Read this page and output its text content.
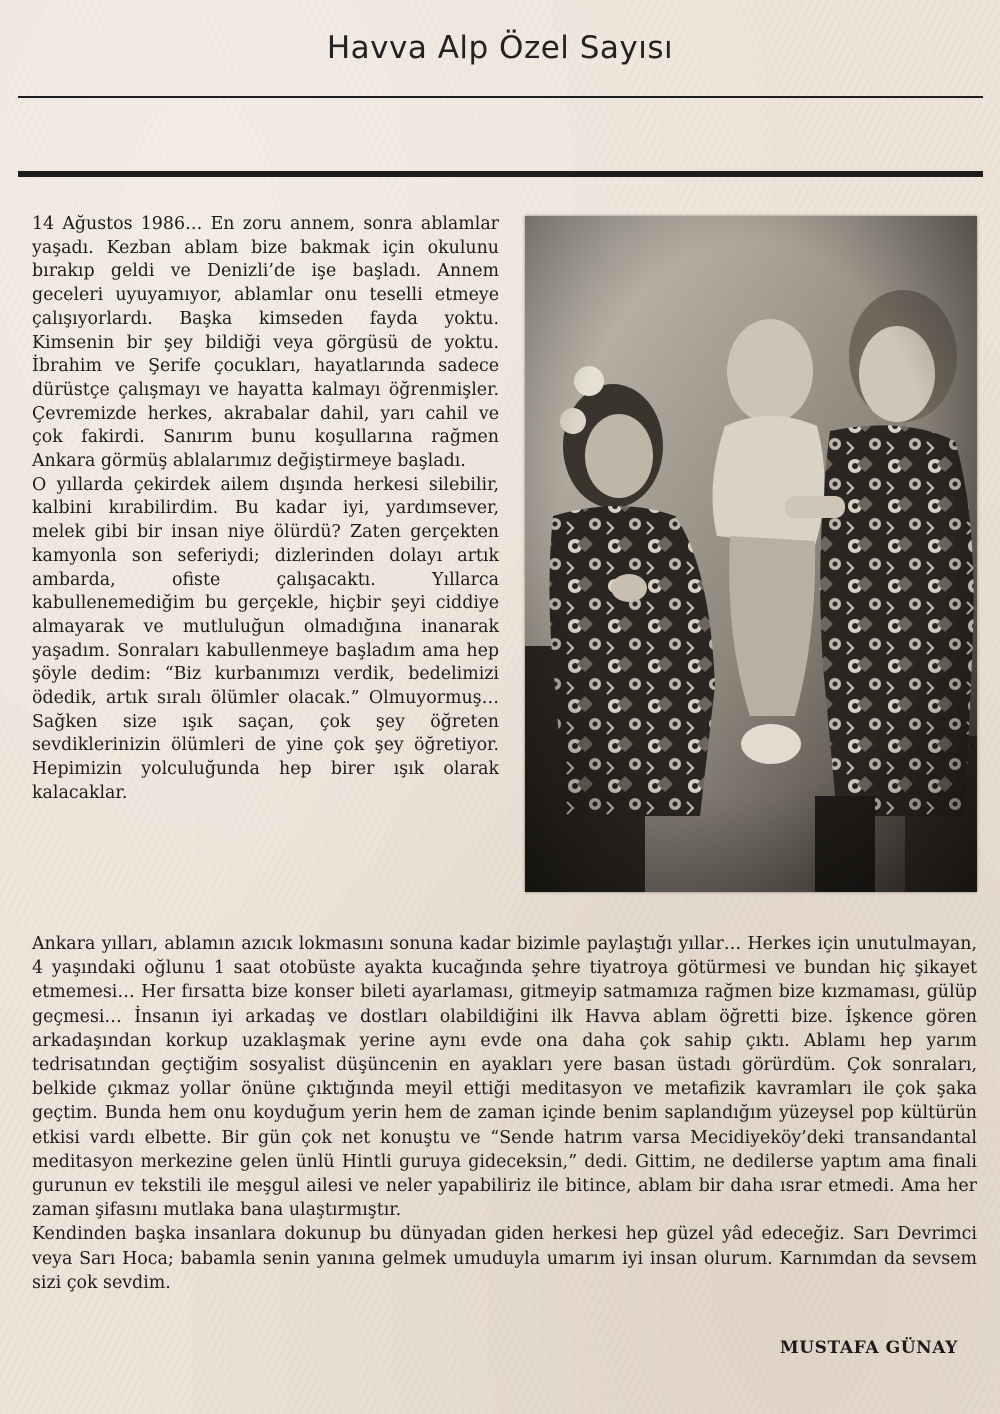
Havva Alp Özel Sayısı

14 Ağustos 1986… En zoru annem, sonra ablamlar yaşadı. Kezban ablam bize bakmak için okulunu bırakıp geldi ve Denizli’de işe başladı. Annem geceleri uyuyamıyor, ablamlar onu teselli etmeye çalışıyorlardı. Başka kimseden fayda yoktu. Kimsenin bir şey bildiği veya görgüsü de yoktu. İbrahim ve Şerife çocukları, hayatlarında sadece dürüstçe çalışmayı ve hayatta kalmayı öğrenmişler. Çevremizde herkes, akrabalar dahil, yarı cahil ve çok fakirdi. Sanırım bunu koşullarına rağmen Ankara görmüş ablalarımız değiştirmeye başladı.

O yıllarda çekirdek ailem dışında herkesi silebilir, kalbini kırabilirdim. Bu kadar iyi, yardımsever, melek gibi bir insan niye ölürdü? Zaten gerçekten kamyonla son seferiydi; dizlerinden dolayı artık ambarda, ofiste çalışacaktı. Yıllarca kabullenemediğim bu gerçekle, hiçbir şeyi ciddiye almayarak ve mutluluğun olmadığına inanarak yaşadım. Sonraları kabullenmeye başladım ama hep şöyle dedim: “Biz kurbanımızı verdik, bedelimizi ödedik, artık sıralı ölümler olacak.” Olmuyormuş… Sağken size ışık saçan, çok şey öğreten sevdiklerinizin ölümleri de yine çok şey öğretiyor. Hepimizin yolculuğunda hep birer ışık olarak kalacaklar.

Ankara yılları, ablamın azıcık lokmasını sonuna kadar bizimle paylaştığı yıllar… Herkes için unutulmayan, 4 yaşındaki oğlunu 1 saat otobüste ayakta kucağında şehre tiyatroya götürmesi ve bundan hiç şikayet etmemesi… Her fırsatta bize konser bileti ayarlaması, gitmeyip satmamıza rağmen bize kızmaması, gülüp geçmesi… İnsanın iyi arkadaş ve dostları olabildiğini ilk Havva ablam öğretti bize. İşkence gören arkadaşından korkup uzaklaşmak yerine aynı evde ona daha çok sahip çıktı. Ablamı hep yarım tedrisatından geçtiğim sosyalist düşüncenin en ayakları yere basan üstadı görürdüm. Çok sonraları, belkide çıkmaz yollar önüne çıktığında meyil ettiği meditasyon ve metafizik kavramları ile çok şaka geçtim. Bunda hem onu koyduğum yerin hem de zaman içinde benim saplandığım yüzeysel pop kültürün etkisi vardı elbette. Bir gün çok net konuştu ve “Sende hatrım varsa Mecidiyeköy’deki transandantal meditasyon merkezine gelen ünlü Hintli guruya gideceksin,” dedi. Gittim, ne dedilerse yaptım ama finali gurunun ev tekstili ile meşgul ailesi ve neler yapabiliriz ile bitince, ablam bir daha ısrar etmedi. Ama her zaman şifasını mutlaka bana ulaştırmıştır.

Kendinden başka insanlara dokunup bu dünyadan giden herkesi hep güzel yâd edeceğiz. Sarı Devrimci veya Sarı Hoca; babamla senin yanına gelmek umuduyla umarım iyi insan olurum. Karnımdan da sevsem sizi çok sevdim.

MUSTAFA GÜNAY
